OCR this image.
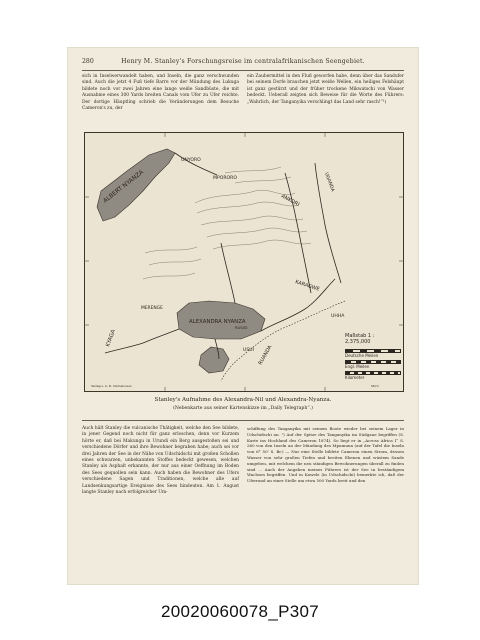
280	Henry M. Stanley's Forschungsreise im centralafrikanischen Seengebiet.

sich in Inselwerwandelt haben, und Inseln, die ganz verschwunden sind. Auch die jetzt 4 Fuß tiefe Barre vor der Mündung des Lukuga bildete noch vor zwei Jahren eine lange weiße Sandbüste, die mit Ausnahme eines 300 Yards breiten Canals vom Ufer zu Ufer reichte. Der dortige Häuptling schrieb die Veränderungen dem Besuche Cameron's zu, der

ein Zaubermittel in den Fluß geworfen habe, denn über das Sandufer bei seinem Dorfe brauchen jetzt weiße Wellen, ein heiliges Felshäupt ist ganz gestürzt und der früher trockene Mikwatschi von Wasser bedeckt. Ueberall zeigten sich Beweise für die Worte des Führers: „Wahrlich, der Tanganyika verschlingt das Land sehr rasch!“¹)

ALBERT NYANZA
ALEXANDRA NYANZA
ANKORI
KARAGWE
MPORORO
RUANDA
UHHA
UNYORO
UGANDA
KYAGA
MERENGE
USUI
RUSISI
Verlag v. A. D. Clemencaux	Stich
Maßstab 1 : 2,375,000
Deutsche Meilen
Engl. Meilen
Kilometer
Stanley's Aufnahme des Alexandra-Nil und Alexandra-Nyanza.
(Nebenkarte aus seiner Kartenskizze im „Daily Telegraph“.)

Auch hält Stanley die vulcanische Thätigkeit, welche den See bildete, in jener Gegend noch nicht für ganz erloschen, denn vor Kurzem hörte er, daß bei Makungu in Urundi ein Berg ausgestoßen sei und verschiedene Dörfer und ihre Bewohner begraben habe; auch sei vor drei Jahren der See in der Nähe von Udschidschi mit großen Schollen eines schwarzen, unbekannten Stoffes bedeckt gewesen, welchen Stanley als Asphalt erkannte, der nur aus einer Oeffnung im Boden des Sees gequollen sein kann. Auch haben die Bewohner des Ufers verschiedene Sagen und Traditionen, welche alle auf Landsenkungsartige Ereignisse des Sees hindeuten. Am 1. August langte Stanley nach erfolgreicher Um-

schiffung des Tanganyika mit seinem Boote wieder bei seinem Lager in Udschidschi an. ¹) Auf der Spitze des Tanganyika im Südgaue begriffen (S. Karte ins Hochland des Cameron 1874). So liegt er in „Across Africa I“ S. 260 von den Inseln an der Mündung des Mpumuna (auf der Tafel die Inseln von 6° 50' S. Br.) — Nur eine Stelle bildete Cameron einen Strom, dessen Wasser von sehr großen Tiefen und breiten Ebenen und wüstem Sande umgeben, mit welchem die neu ständigen Bewohnerungen überall zu finden sind ... Auch der Angaben meines Führers ist der See in beständigem Wachsen begriffen. Und in Kawele (in Udschidschi) bemerkte ich, daß der Uferrand an einer Stelle um etwa 500 Yards breit und den

20020060078_P307
